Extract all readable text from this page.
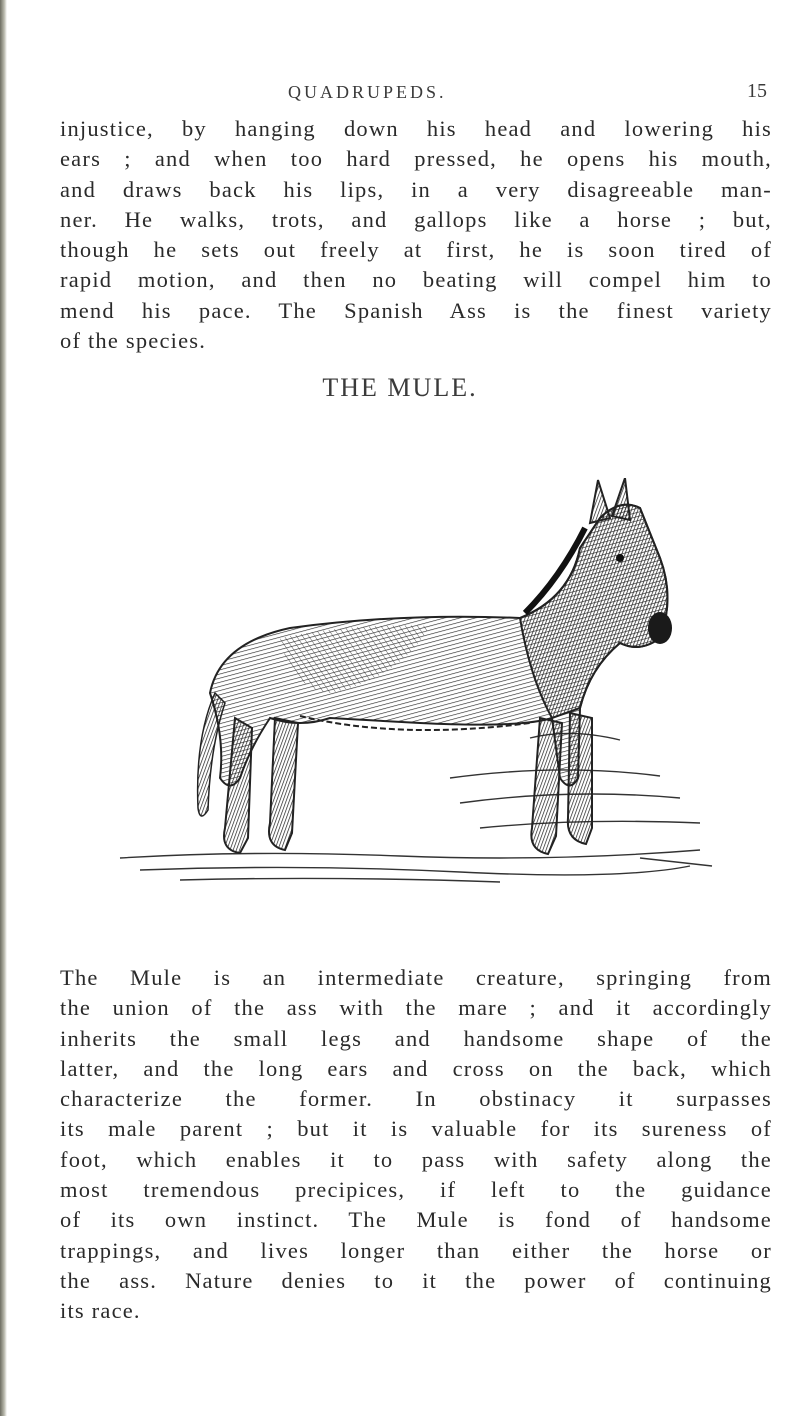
QUADRUPEDS.	15

injustice, by hanging down his head and lowering his
ears ; and when too hard pressed, he opens his mouth,
and draws back his lips, in a very disagreeable man-
ner. He walks, trots, and gallops like a horse ; but,
though he sets out freely at first, he is soon tired of
rapid motion, and then no beating will compel him to
mend his pace. The Spanish Ass is the finest variety
of the species.

THE MULE.

The Mule is an intermediate creature, springing from
the union of the ass with the mare ; and it accordingly
inherits the small legs and handsome shape of the
latter, and the long ears and cross on the back, which
characterize the former. In obstinacy it surpasses
its male parent ; but it is valuable for its sureness of
foot, which enables it to pass with safety along the
most tremendous precipices, if left to the guidance
of its own instinct. The Mule is fond of handsome
trappings, and lives longer than either the horse or
the ass. Nature denies to it the power of continuing
its race.
